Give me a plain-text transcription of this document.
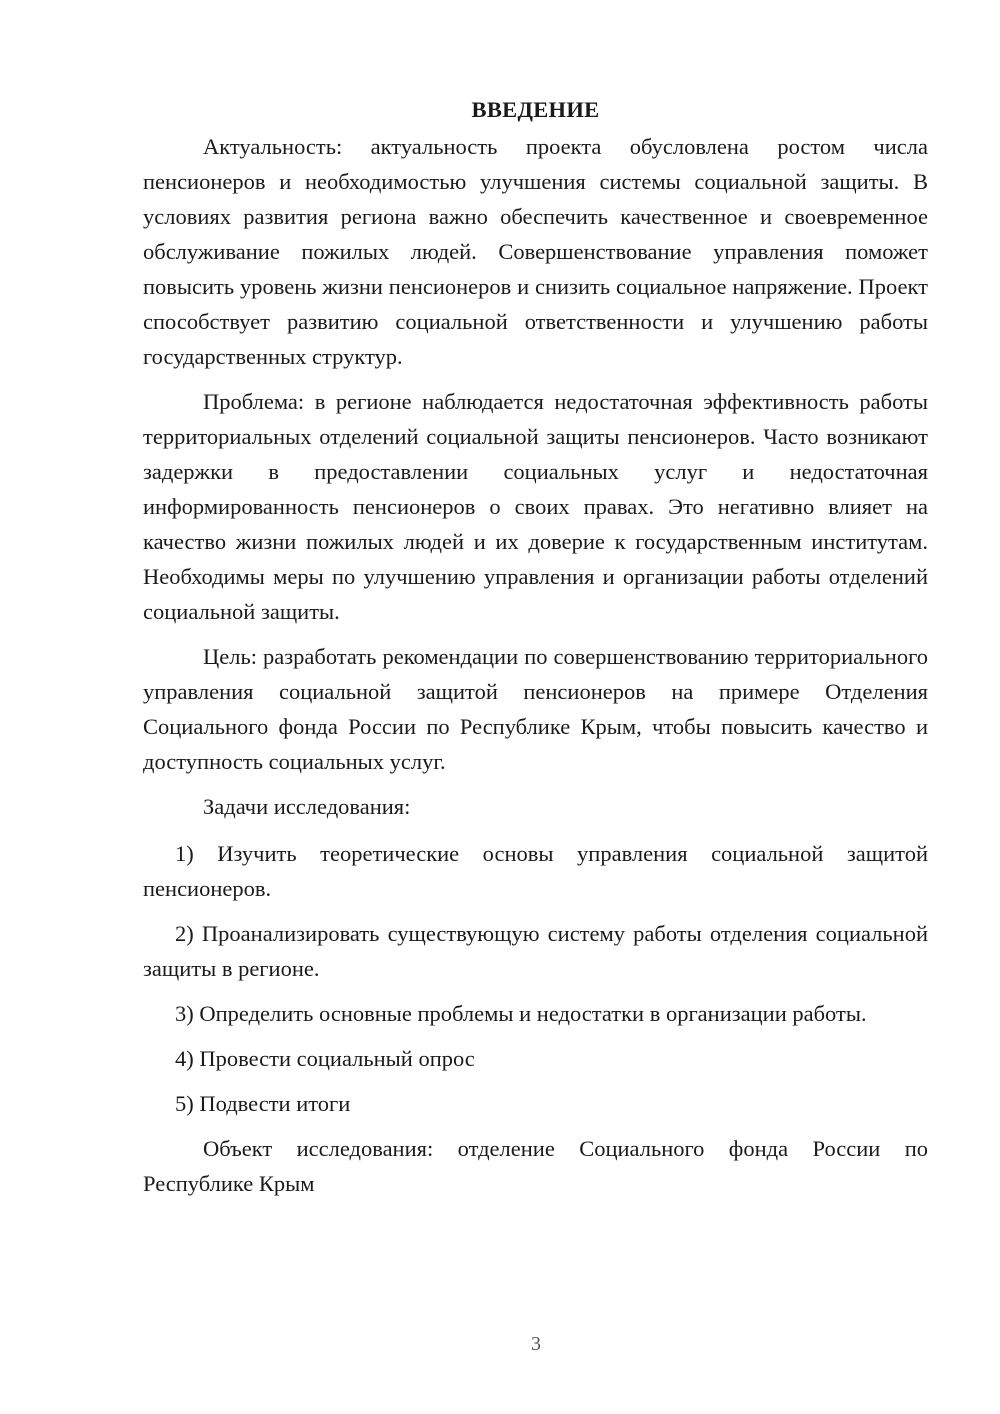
ВВЕДЕНИЕ

Актуальность: актуальность проекта обусловлена ростом числа пенсионеров и необходимостью улучшения системы социальной защиты. В условиях развития региона важно обеспечить качественное и своевременное обслуживание пожилых людей. Совершенствование управления поможет повысить уровень жизни пенсионеров и снизить социальное напряжение. Проект способствует развитию социальной ответственности и улучшению работы государственных структур.

Проблема: в регионе наблюдается недостаточная эффективность работы территориальных отделений социальной защиты пенсионеров. Часто возникают задержки в предоставлении социальных услуг и недостаточная информированность пенсионеров о своих правах. Это негативно влияет на качество жизни пожилых людей и их доверие к государственным институтам. Необходимы меры по улучшению управления и организации работы отделений социальной защиты.

Цель: разработать рекомендации по совершенствованию территориального управления социальной защитой пенсионеров на примере Отделения Социального фонда России по Республике Крым, чтобы повысить качество и доступность социальных услуг.

Задачи исследования:

1) Изучить теоретические основы управления социальной защитой пенсионеров.

2) Проанализировать существующую систему работы отделения социальной защиты в регионе.

3) Определить основные проблемы и недостатки в организации работы.

4) Провести социальный опрос

5) Подвести итоги

Объект исследования: отделение Социального фонда России по Республике Крым

3
